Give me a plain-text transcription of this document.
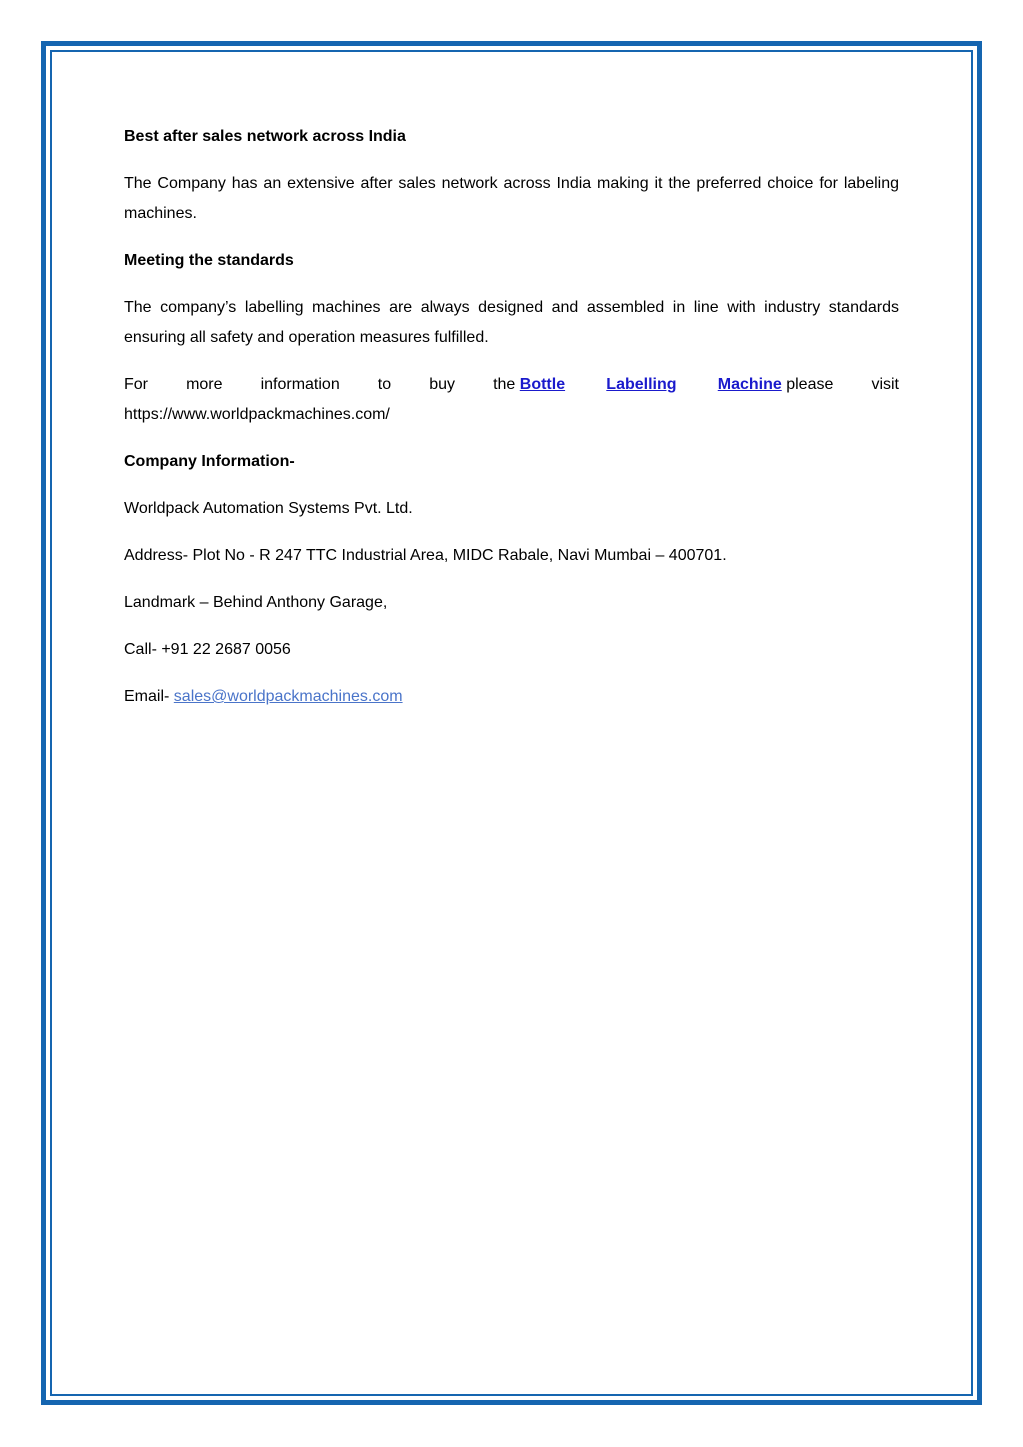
Best after sales network across India

The Company has an extensive after sales network across India making it the preferred choice for labeling machines.

Meeting the standards

The company’s labelling machines are always designed and assembled in line with industry standards ensuring all safety and operation measures fulfilled.

For more information to buy the Bottle	Labelling	Machine please visit
https://www.worldpackmachines.com/

Company Information-

Worldpack Automation Systems Pvt. Ltd.

Address- Plot No - R 247 TTC Industrial Area, MIDC Rabale, Navi Mumbai – 400701.

Landmark – Behind Anthony Garage,

Call- +91 22 2687 0056

Email- sales@worldpackmachines.com
